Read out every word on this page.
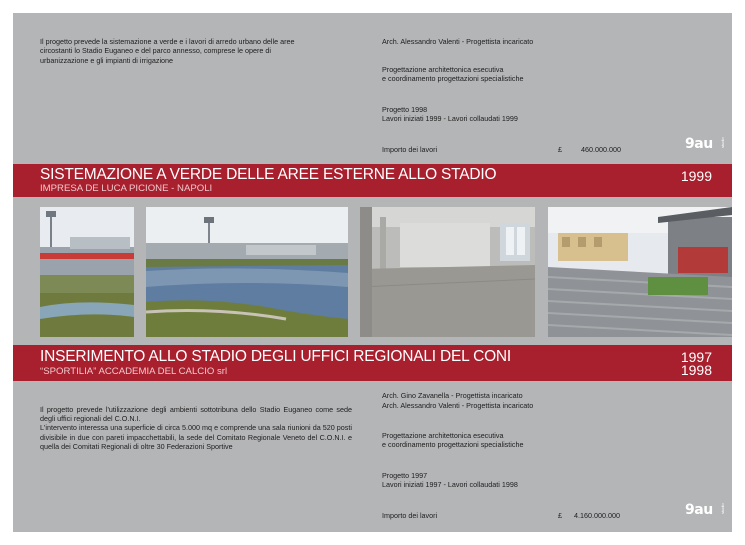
Il progetto prevede la sistemazione a verde e i lavori di arredo urbano delle aree
circostanti lo Stadio Euganeo e del parco annesso, comprese le opere di
urbanizzazione e gli impianti di irrigazione
Arch. Alessandro Valenti - Progettista incaricato
Progettazione architettonica esecutiva
e coordinamento progettazioni specialistiche
Progetto 1998
Lavori iniziati 1999 - Lavori collaudati 1999
Importo dei lavori	£	460.000.000	9au studio
SISTEMAZIONE A VERDE DELLE AREE ESTERNE ALLO STADIO
IMPRESA DE LUCA PICIONE - NAPOLI
1999
INSERIMENTO ALLO STADIO DEGLI UFFICI REGIONALI DEL CONI
“SPORTILIA” ACCADEMIA DEL CALCIO srl
1997
1998

Il progetto prevede l'utilizzazione degli ambienti sottotribuna dello Stadio Euganeo come sede degli uffici regionali del C.O.N.I.

L'intervento interessa una superficie di circa 5.000 mq e comprende una sala riunioni da 520 posti divisibile in due con pareti impacchettabili, la sede del Comitato Regionale Veneto del C.O.N.I. e quella dei Comitati Regionali di oltre 30 Federazioni Sportive

Arch. Gino Zavanella - Progettista incaricato
Arch. Alessandro Valenti - Progettista incaricato
Progettazione architettonica esecutiva
e coordinamento progettazioni specialistiche
Progetto 1997
Lavori iniziati 1997 - Lavori collaudati 1998
Importo dei lavori	£ 4.160.000.000	9au studio
